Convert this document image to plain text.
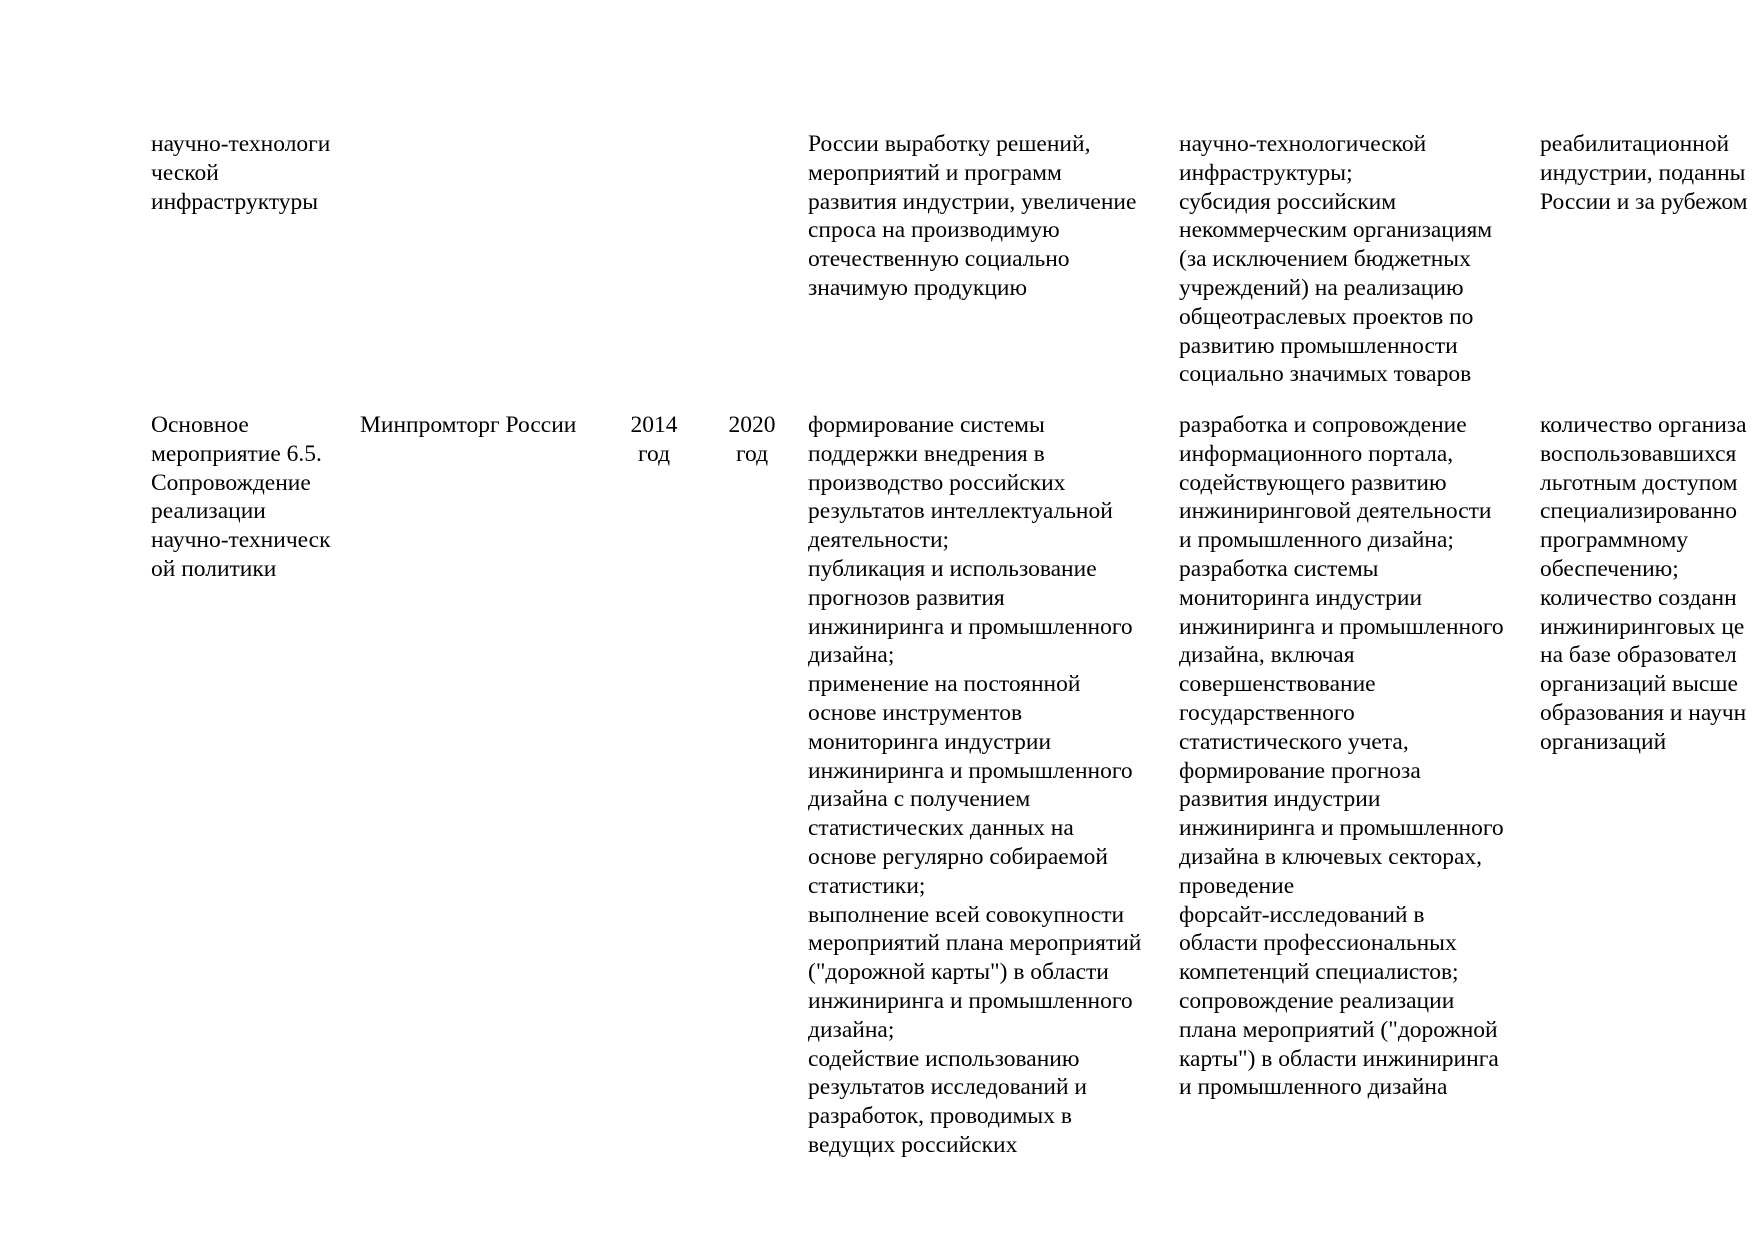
научно-технологи
ческой
инфраструктуры
России выработку решений,
мероприятий и программ
развития индустрии, увеличение
спроса на производимую
отечественную социально
значимую продукцию
научно-технологической
инфраструктуры;
субсидия российским
некоммерческим организациям
(за исключением бюджетных
учреждений) на реализацию
общеотраслевых проектов по
развитию промышленности
социально значимых товаров
реабилитационной
индустрии, поданны
России и за рубежом
Основное
мероприятие 6.5.
Сопровождение
реализации
научно-техническ
ой политики
Минпромторг России 2014
год
2020
год
формирование системы
поддержки внедрения в
производство российских
результатов интеллектуальной
деятельности;
публикация и использование
прогнозов развития
инжиниринга и промышленного
дизайна;
применение на постоянной
основе инструментов
мониторинга индустрии
инжиниринга и промышленного
дизайна с получением
статистических данных на
основе регулярно собираемой
статистики;
выполнение всей совокупности
мероприятий плана мероприятий
("дорожной карты") в области
инжиниринга и промышленного
дизайна;
содействие использованию
результатов исследований и
разработок, проводимых в
ведущих российских
разработка и сопровождение
информационного портала,
содействующего развитию
инжиниринговой деятельности
и промышленного дизайна;
разработка системы
мониторинга индустрии
инжиниринга и промышленного
дизайна, включая
совершенствование
государственного
статистического учета,
формирование прогноза
развития индустрии
инжиниринга и промышленного
дизайна в ключевых секторах,
проведение
форсайт-исследований в
области профессиональных
компетенций специалистов;
сопровождение реализации
плана мероприятий ("дорожной
карты") в области инжиниринга
и промышленного дизайна
количество организа
воспользовавшихся
льготным доступом
специализированно
программному
обеспечению;
количество созданн
инжиниринговых це
на базе образовател
организаций высше
образования и научн
организаций
